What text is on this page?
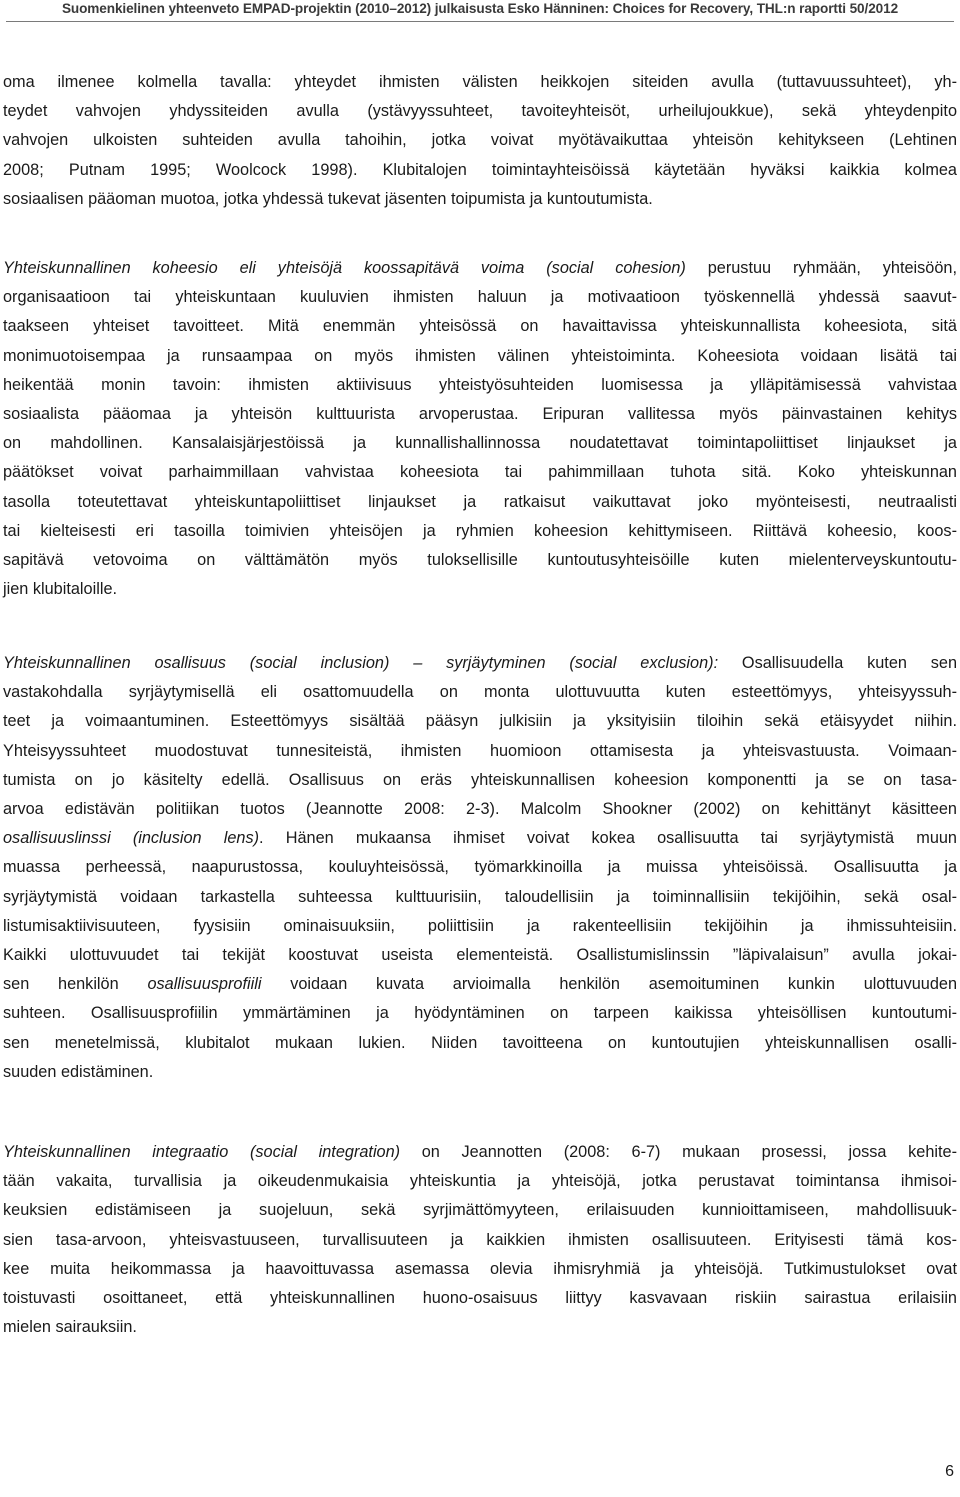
Suomenkielinen yhteenveto EMPAD-projektin (2010–2012) julkaisusta Esko Hänninen: Choices for Recovery, THL:n raportti 50/2012

oma ilmenee kolmella tavalla: yhteydet ihmisten välisten heikkojen siteiden avulla (tuttavuussuhteet), yh-
teydet vahvojen yhdyssiteiden avulla (ystävyyssuhteet, tavoiteyhteisöt, urheilujoukkue), sekä yhteydenpito
vahvojen ulkoisten suhteiden avulla tahoihin, jotka voivat myötävaikuttaa yhteisön kehitykseen (Lehtinen
2008; Putnam 1995; Woolcock 1998). Klubitalojen toimintayhteisöissä käytetään hyväksi kaikkia kolmea
sosiaalisen pääoman muotoa, jotka yhdessä tukevat jäsenten toipumista ja kuntoutumista.

Yhteiskunnallinen koheesio eli yhteisöjä koossapitävä voima (social cohesion) perustuu ryhmään, yhteisöön,
organisaatioon tai yhteiskuntaan kuuluvien ihmisten haluun ja motivaatioon työskennellä yhdessä saavut-
taakseen yhteiset tavoitteet. Mitä enemmän yhteisössä on havaittavissa yhteiskunnallista koheesiota, sitä
monimuotoisempaa ja runsaampaa on myös ihmisten välinen yhteistoiminta. Koheesiota voidaan lisätä tai
heikentää monin tavoin: ihmisten aktiivisuus yhteistyösuhteiden luomisessa ja ylläpitämisessä vahvistaa
sosiaalista pääomaa ja yhteisön kulttuurista arvoperustaa. Eripuran vallitessa myös päinvastainen kehitys
on mahdollinen. Kansalaisjärjestöissä ja kunnallishallinnossa noudatettavat toimintapoliittiset linjaukset ja
päätökset voivat parhaimmillaan vahvistaa koheesiota tai pahimmillaan tuhota sitä. Koko yhteiskunnan
tasolla toteutettavat yhteiskuntapoliittiset linjaukset ja ratkaisut vaikuttavat joko myönteisesti, neutraalisti
tai kielteisesti eri tasoilla toimivien yhteisöjen ja ryhmien koheesion kehittymiseen. Riittävä koheesio, koos-
sapitävä vetovoima on välttämätön myös tuloksellisille kuntoutusyhteisöille kuten mielenterveyskuntoutu-
jien klubitaloille.

Yhteiskunnallinen osallisuus (social inclusion) – syrjäytyminen (social exclusion): Osallisuudella kuten sen
vastakohdalla syrjäytymisellä eli osattomuudella on monta ulottuvuutta kuten esteettömyys, yhteisyyssuh-
teet ja voimaantuminen. Esteettömyys sisältää pääsyn julkisiin ja yksityisiin tiloihin sekä etäisyydet niihin.
Yhteisyyssuhteet muodostuvat tunnesiteistä, ihmisten huomioon ottamisesta ja yhteisvastuusta. Voimaan-
tumista on jo käsitelty edellä. Osallisuus on eräs yhteiskunnallisen koheesion komponentti ja se on tasa-
arvoa edistävän politiikan tuotos (Jeannotte 2008: 2-3). Malcolm Shookner (2002) on kehittänyt käsitteen
osallisuuslinssi (inclusion lens). Hänen mukaansa ihmiset voivat kokea osallisuutta tai syrjäytymistä muun
muassa perheessä, naapurustossa, kouluyhteisössä, työmarkkinoilla ja muissa yhteisöissä. Osallisuutta ja
syrjäytymistä voidaan tarkastella suhteessa kulttuurisiin, taloudellisiin ja toiminnallisiin tekijöihin, sekä osal-
listumisaktiivisuuteen, fyysisiin ominaisuuksiin, poliittisiin ja rakenteellisiin tekijöihin ja ihmissuhteisiin.
Kaikki ulottuvuudet tai tekijät koostuvat useista elementeistä. Osallistumislinssin ”läpivalaisun” avulla jokai-
sen henkilön osallisuusprofiili voidaan kuvata arvioimalla henkilön asemoituminen kunkin ulottuvuuden
suhteen. Osallisuusprofiilin ymmärtäminen ja hyödyntäminen on tarpeen kaikissa yhteisöllisen kuntoutumi-
sen menetelmissä, klubitalot mukaan lukien. Niiden tavoitteena on kuntoutujien yhteiskunnallisen osalli-
suuden edistäminen.

Yhteiskunnallinen integraatio (social integration) on Jeannotten (2008: 6-7) mukaan prosessi, jossa kehite-
tään vakaita, turvallisia ja oikeudenmukaisia yhteiskuntia ja yhteisöjä, jotka perustavat toimintansa ihmisoi-
keuksien edistämiseen ja suojeluun, sekä syrjimättömyyteen, erilaisuuden kunnioittamiseen, mahdollisuuk-
sien tasa-arvoon, yhteisvastuuseen, turvallisuuteen ja kaikkien ihmisten osallisuuteen. Erityisesti tämä kos-
kee muita heikommassa ja haavoittuvassa asemassa olevia ihmisryhmiä ja yhteisöjä. Tutkimustulokset ovat
toistuvasti osoittaneet, että yhteiskunnallinen huono-osaisuus liittyy kasvavaan riskiin sairastua erilaisiin
mielen sairauksiin.

6
